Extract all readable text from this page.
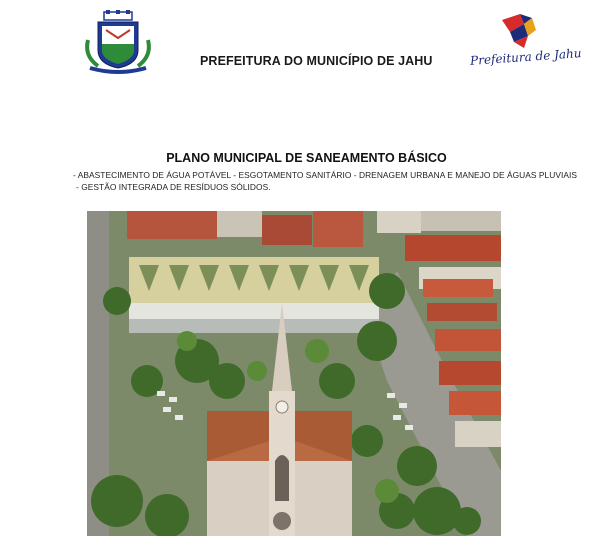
PREFEITURA DO MUNICÍPIO DE JAHU	Prefeitura de Jahu
PLANO MUNICIPAL DE SANEAMENTO BÁSICO
- ABASTECIMENTO DE ÁGUA POTÁVEL - ESGOTAMENTO SANITÁRIO - DRENAGEM URBANA E MANEJO DE ÁGUAS PLUVIAIS
- GESTÃO INTEGRADA DE RESÍDUOS SÓLIDOS.
